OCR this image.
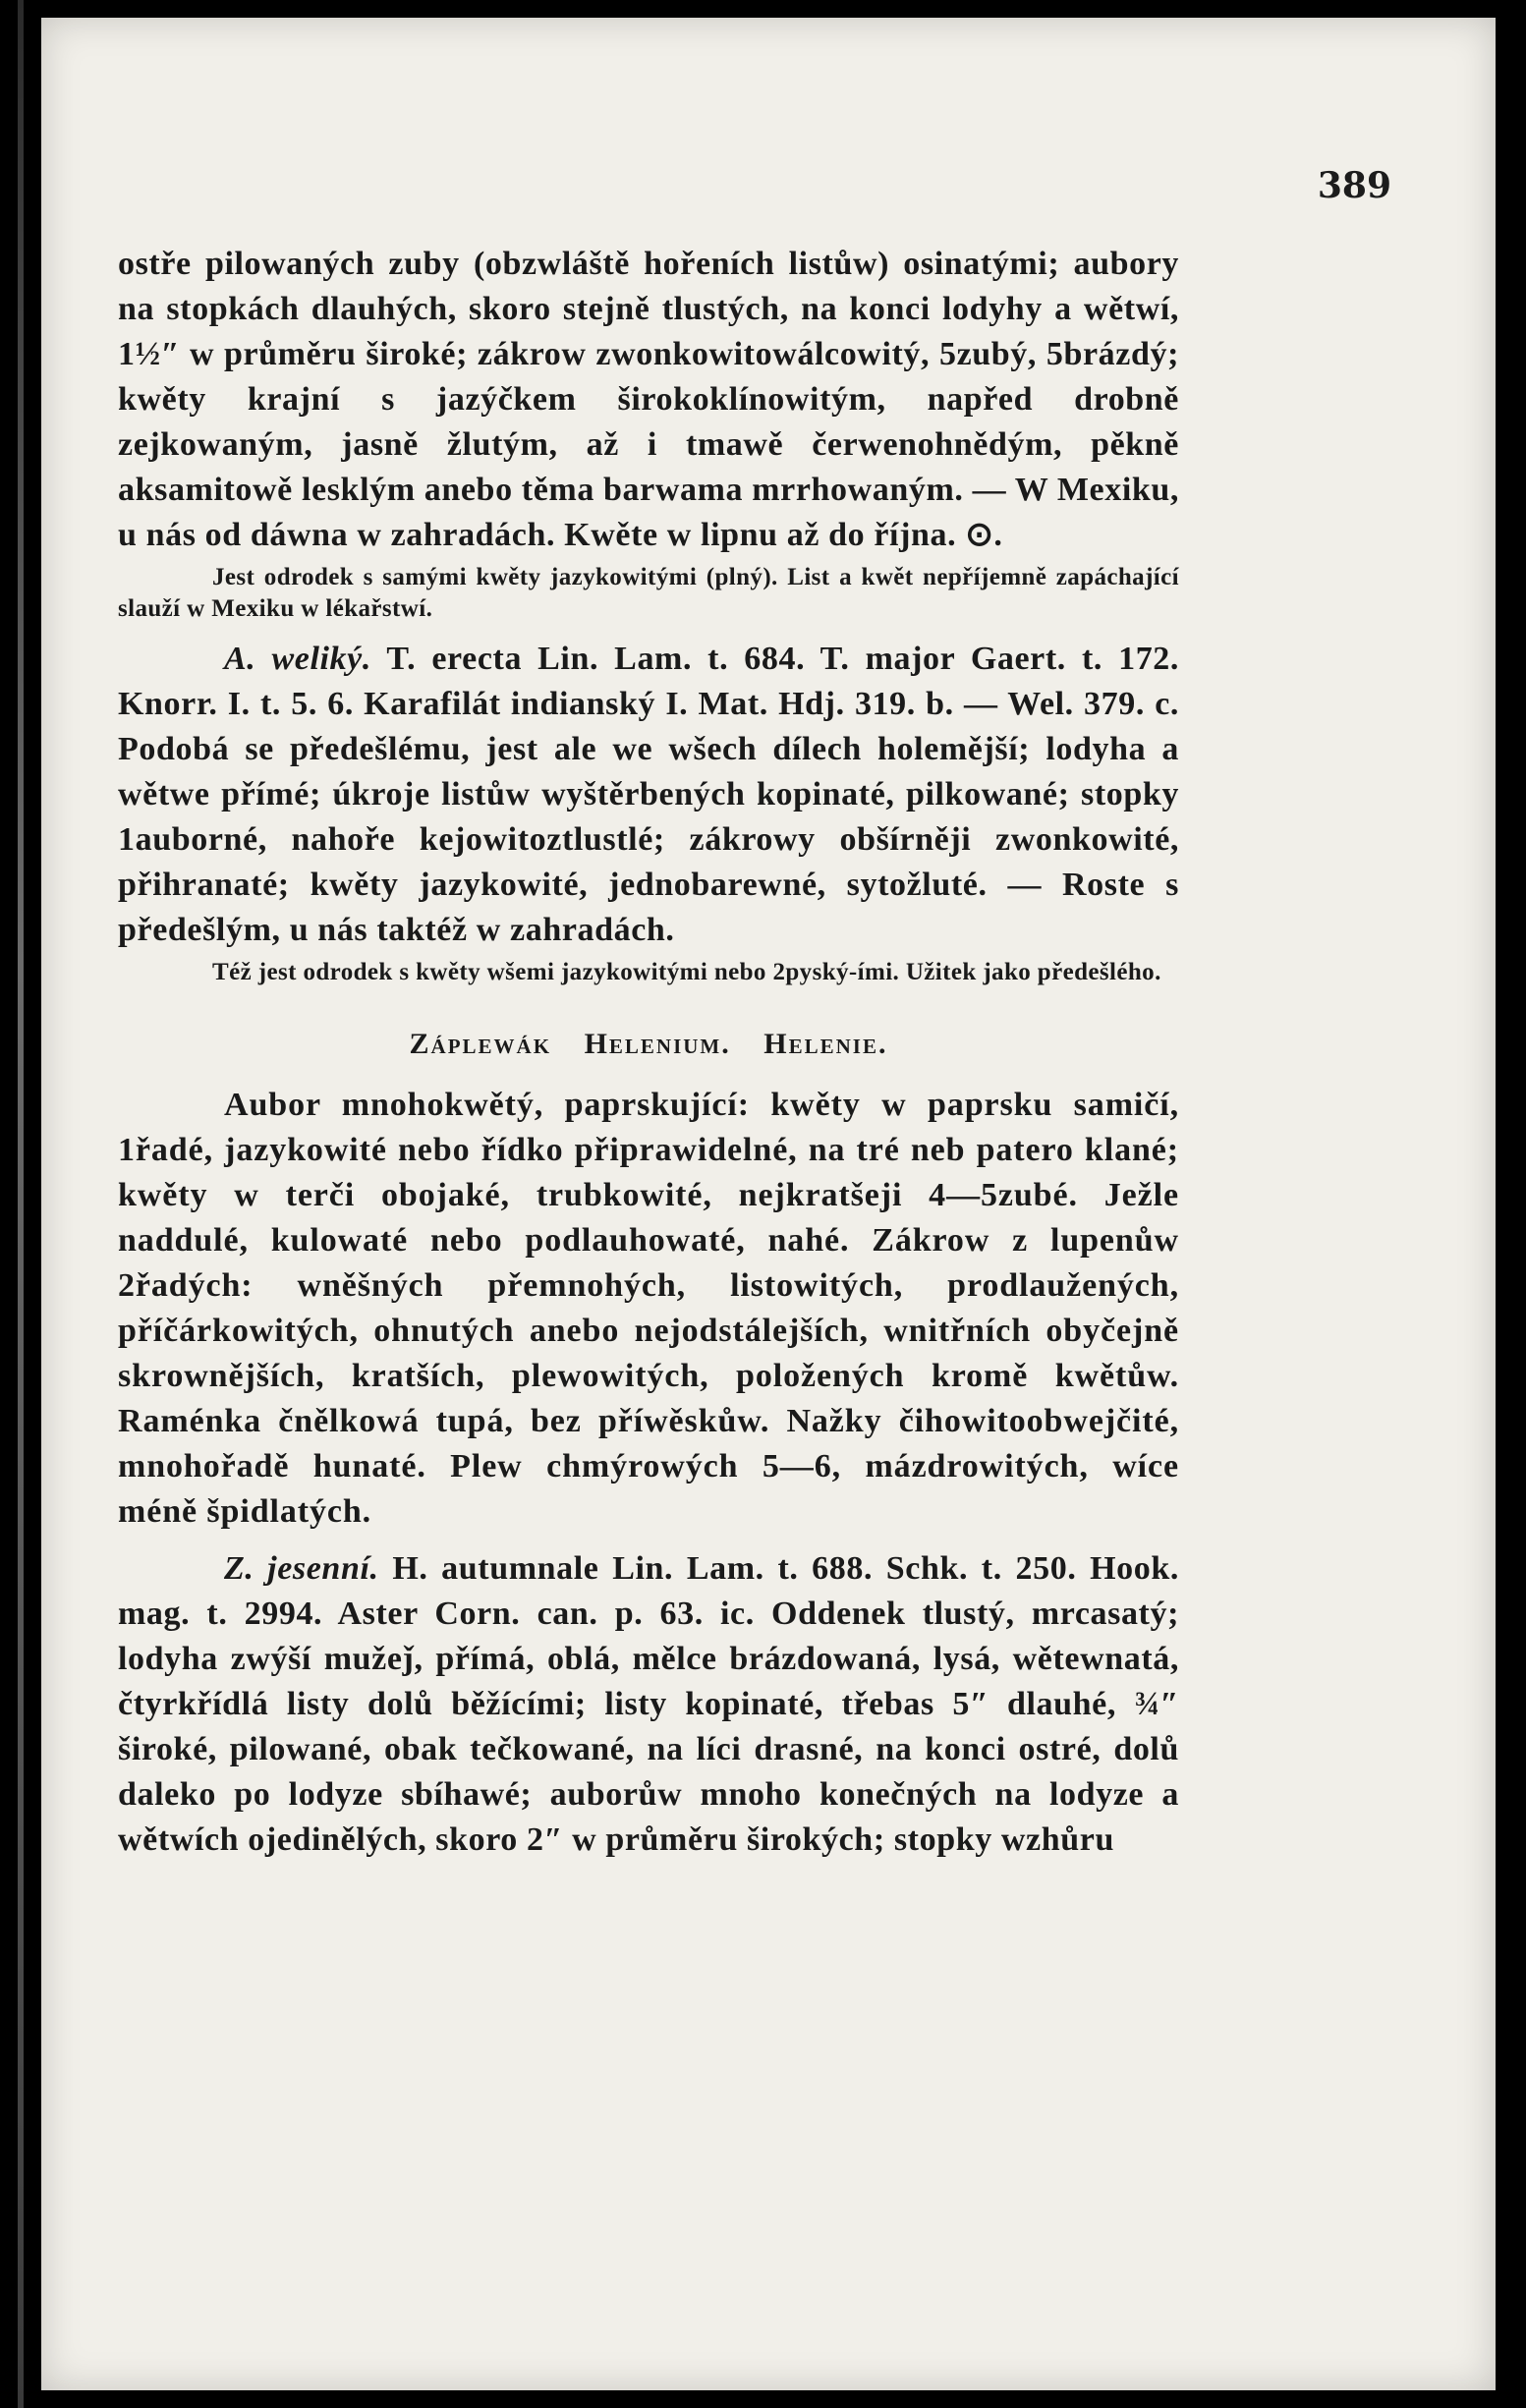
389

ostře pilowaných zuby (obzwláště hořeních listůw) osinatými; aubory na stopkách dlauhých, skoro stejně tlustých, na konci lodyhy a wětwí, 1½″ w průměru široké; zákrow zwonkowitowálcowitý, 5zubý, 5brázdý; kwěty krajní s jazýčkem širokoklínowitým, napřed drobně zejkowaným, jasně žlutým, až i tmawě čerwenohnědým, pěkně aksamitowě lesklým anebo těma barwama mrrhowaným. — W Mexiku, u nás od dáwna w zahradách. Kwěte w lipnu až do října. ⊙.

Jest odrodek s samými kwěty jazykowitými (plný). List a kwět nepříjemně zapáchající slauží w Mexiku w lékařstwí.

A. weliký. T. erecta Lin. Lam. t. 684. T. major Gaert. t. 172. Knorr. I. t. 5. 6. Karafilát indianský I. Mat. Hdj. 319. b. — Wel. 379. c. Podobá se předešlému, jest ale we wšech dílech holemější; lodyha a wětwe přímé; úkroje listůw wyštěrbených kopinaté, pilkowané; stopky 1auborné, nahoře kejowitoztlustlé; zákrowy obšírněji zwonkowité, přihranaté; kwěty jazykowité, jednobarewné, sytožluté. — Roste s předešlým, u nás taktéž w zahradách.

Též jest odrodek s kwěty wšemi jazykowitými nebo 2pyský-ími. Užitek jako předešlého.

Záplewák Helenium. Helenie.

Aubor mnohokwětý, paprskující: kwěty w paprsku samičí, 1řadé, jazykowité nebo řídko připrawidelné, na tré neb patero klané; kwěty w terči obojaké, trubkowité, nejkratšeji 4—5zubé. Ježle naddulé, kulowaté nebo podlauhowaté, nahé. Zákrow z lupenůw 2řadých: wněšných přemnohých, listowitých, prodlaužených, příčárkowitých, ohnutých anebo nejodstálejších, wnitřních obyčejně skrownějších, kratších, plewowitých, položených kromě kwětůw. Raménka čnělkowá tupá, bez příwěskůw. Nažky čihowitoobwejčité, mnohořadě hunaté. Plew chmýrowých 5—6, mázdrowitých, wíce méně špidlatých.

Z. jesenní. H. autumnale Lin. Lam. t. 688. Schk. t. 250. Hook. mag. t. 2994. Aster Corn. can. p. 63. ic. Oddenek tlustý, mrcasatý; lodyha zwýší mužeǰ, přímá, oblá, mělce brázdowaná, lysá, wětewnatá, čtyrkřídlá listy dolů běžícími; listy kopinaté, třebas 5″ dlauhé, ¾″ široké, pilowané, obak tečkowané, na líci drasné, na konci ostré, dolů daleko po lodyze sbíhawé; auborůw mnoho konečných na lodyze a wětwích ojedinělých, skoro 2″ w průměru širokých; stopky wzhůru
